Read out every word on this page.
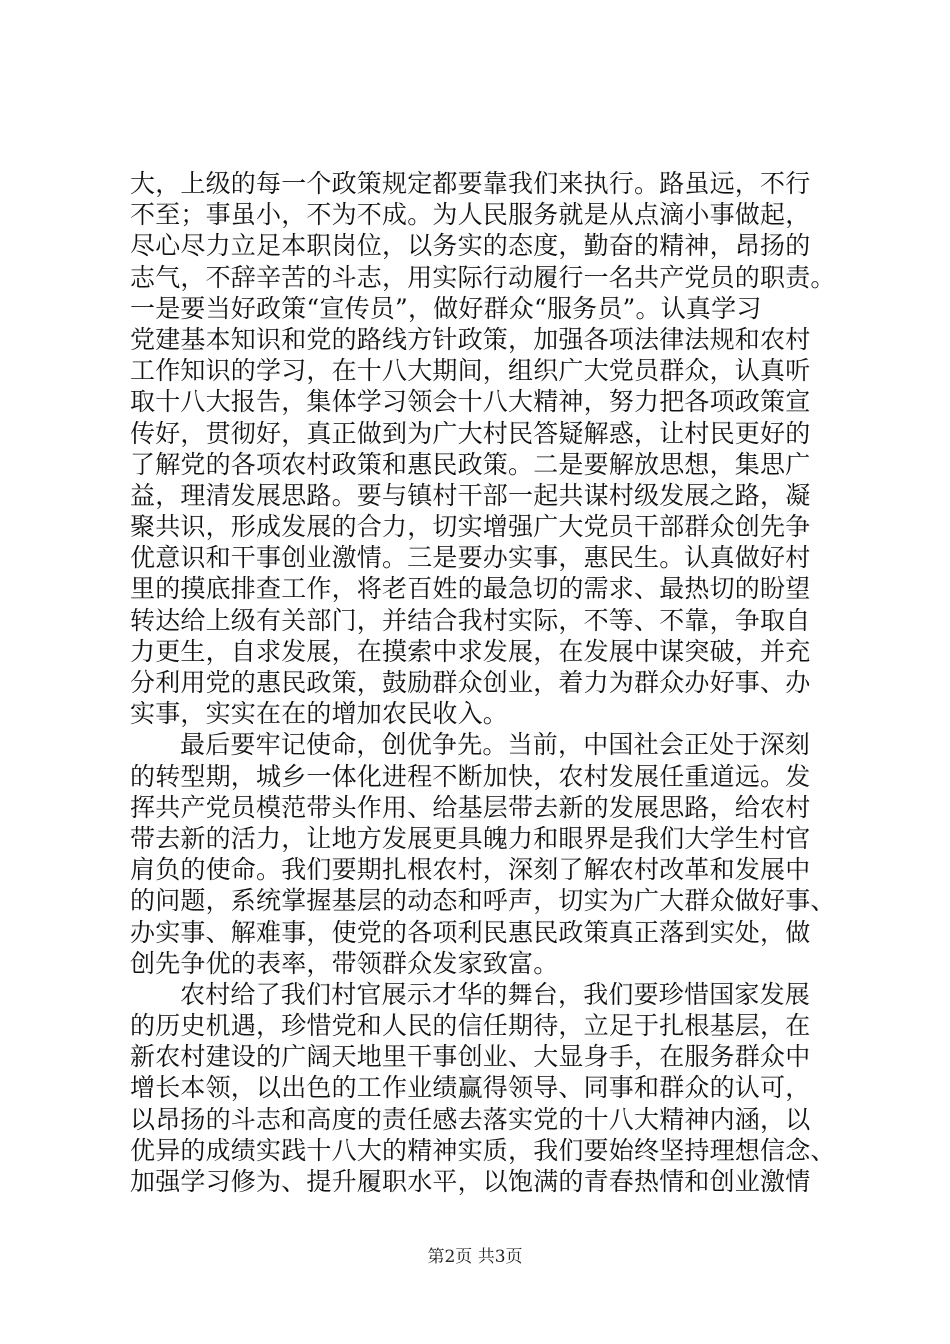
大，上级的每一个政策规定都要靠我们来执行。路虽远，不行
不至；事虽小，不为不成。为人民服务就是从点滴小事做起，
尽心尽力立足本职岗位，以务实的态度，勤奋的精神，昂扬的
志气，不辞辛苦的斗志，用实际行动履行一名共产党员的职责。
一是要当好政策“宣传员”，做好群众“服务员”。认真学习
党建基本知识和党的路线方针政策，加强各项法律法规和农村
工作知识的学习，在十八大期间，组织广大党员群众，认真听
取十八大报告，集体学习领会十八大精神，努力把各项政策宣
传好，贯彻好，真正做到为广大村民答疑解惑，让村民更好的
了解党的各项农村政策和惠民政策。二是要解放思想，集思广
益，理清发展思路。要与镇村干部一起共谋村级发展之路，凝
聚共识，形成发展的合力，切实增强广大党员干部群众创先争
优意识和干事创业激情。三是要办实事，惠民生。认真做好村
里的摸底排查工作，将老百姓的最急切的需求、最热切的盼望
转达给上级有关部门，并结合我村实际，不等、不靠，争取自
力更生，自求发展，在摸索中求发展，在发展中谋突破，并充
分利用党的惠民政策，鼓励群众创业，着力为群众办好事、办
实事，实实在在的增加农民收入。
最后要牢记使命，创优争先。当前，中国社会正处于深刻
的转型期，城乡一体化进程不断加快，农村发展任重道远。发
挥共产党员模范带头作用、给基层带去新的发展思路，给农村
带去新的活力，让地方发展更具魄力和眼界是我们大学生村官
肩负的使命。我们要期扎根农村，深刻了解农村改革和发展中
的问题，系统掌握基层的动态和呼声，切实为广大群众做好事、
办实事、解难事，使党的各项利民惠民政策真正落到实处，做
创先争优的表率，带领群众发家致富。
农村给了我们村官展示才华的舞台，我们要珍惜国家发展
的历史机遇，珍惜党和人民的信任期待，立足于扎根基层，在
新农村建设的广阔天地里干事创业、大显身手，在服务群众中
增长本领，以出色的工作业绩赢得领导、同事和群众的认可，
以昂扬的斗志和高度的责任感去落实党的十八大精神内涵，以
优异的成绩实践十八大的精神实质，我们要始终坚持理想信念、
加强学习修为、提升履职水平，以饱满的青春热情和创业激情
第2页 共3页
